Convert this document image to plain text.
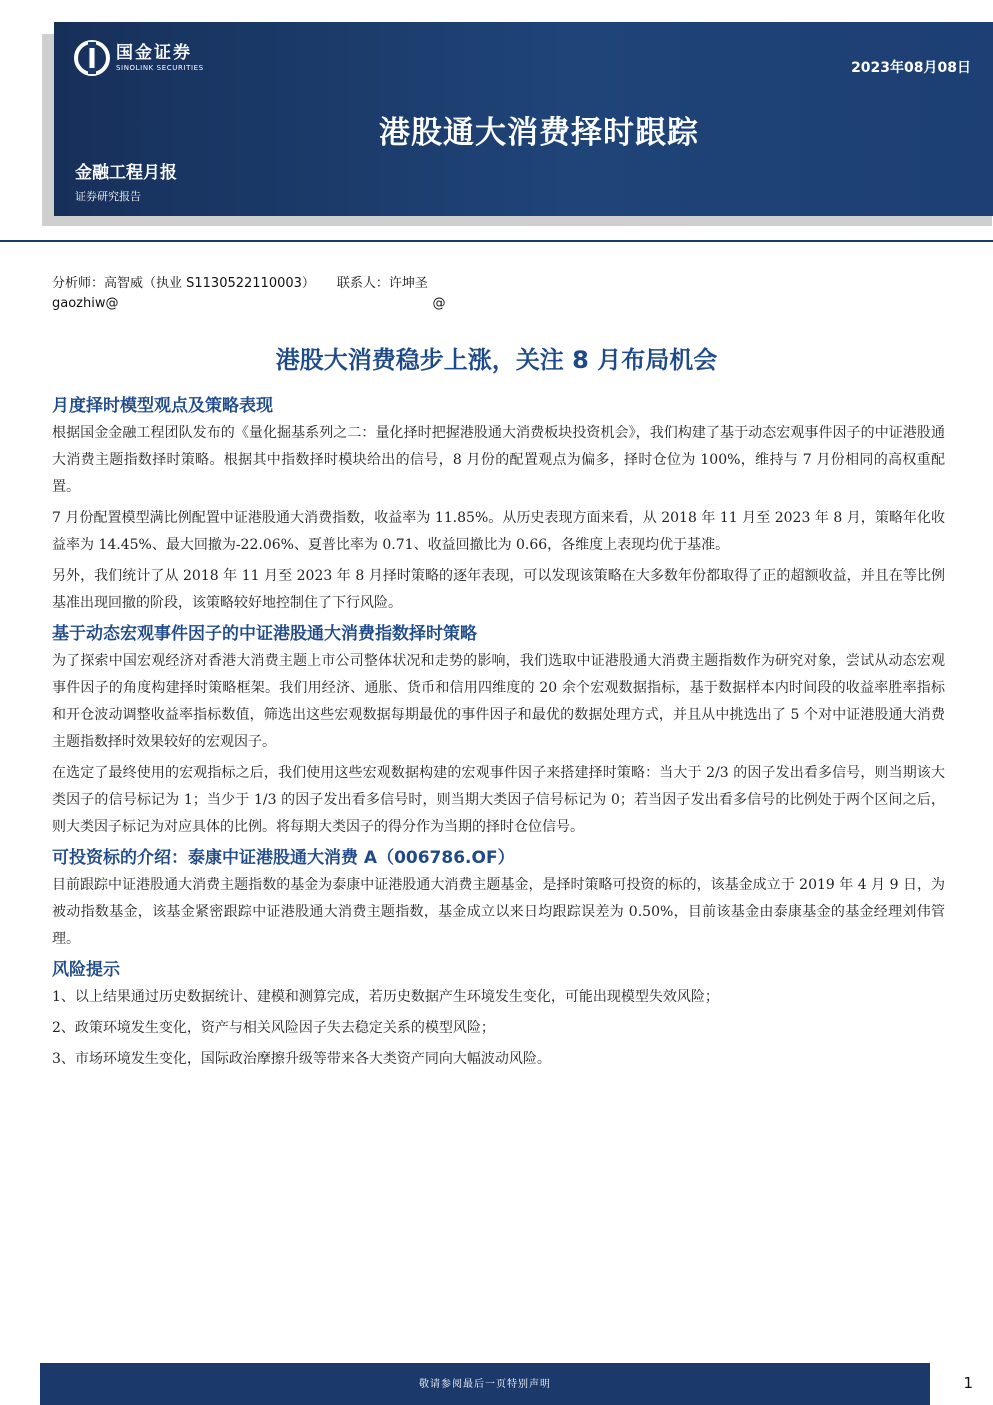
国金证券
SINOLINK SECURITIES	2023年08月08日
港股通大消费择时跟踪
金融工程月报
证券研究报告
分析师：高智威（执业 S1130522110003） 联系人：许坤圣
gaozhiw@	@
港股大消费稳步上涨，关注 8 月布局机会
月度择时模型观点及策略表现

根据国金金融工程团队发布的《量化掘基系列之二：量化择时把握港股通大消费板块投资机会》，我们构建了基于动态宏观事件因子的中证港股通大消费主题指数择时策略。根据其中指数择时模块给出的信号，8 月份的配置观点为偏多，择时仓位为 100%，维持与 7 月份相同的高权重配置。

7 月份配置模型满比例配置中证港股通大消费指数，收益率为 11.85%。从历史表现方面来看，从 2018 年 11 月至 2023 年 8 月，策略年化收益率为 14.45%、最大回撤为-22.06%、夏普比率为 0.71、收益回撤比为 0.66，各维度上表现均优于基准。

另外，我们统计了从 2018 年 11 月至 2023 年 8 月择时策略的逐年表现，可以发现该策略在大多数年份都取得了正的超额收益，并且在等比例基准出现回撤的阶段，该策略较好地控制住了下行风险。

基于动态宏观事件因子的中证港股通大消费指数择时策略

为了探索中国宏观经济对香港大消费主题上市公司整体状况和走势的影响，我们选取中证港股通大消费主题指数作为研究对象，尝试从动态宏观事件因子的角度构建择时策略框架。我们用经济、通胀、货币和信用四维度的 20 余个宏观数据指标，基于数据样本内时间段的收益率胜率指标和开仓波动调整收益率指标数值，筛选出这些宏观数据每期最优的事件因子和最优的数据处理方式，并且从中挑选出了 5 个对中证港股通大消费主题指数择时效果较好的宏观因子。

在选定了最终使用的宏观指标之后，我们使用这些宏观数据构建的宏观事件因子来搭建择时策略：当大于 2/3 的因子发出看多信号，则当期该大类因子的信号标记为 1；当少于 1/3 的因子发出看多信号时，则当期大类因子信号标记为 0；若当因子发出看多信号的比例处于两个区间之后，则大类因子标记为对应具体的比例。将每期大类因子的得分作为当期的择时仓位信号。

可投资标的介绍：泰康中证港股通大消费 A（006786.OF）

目前跟踪中证港股通大消费主题指数的基金为泰康中证港股通大消费主题基金，是择时策略可投资的标的，该基金成立于 2019 年 4 月 9 日，为被动指数基金，该基金紧密跟踪中证港股通大消费主题指数，基金成立以来日均跟踪误差为 0.50%，目前该基金由泰康基金的基金经理刘伟管理。

风险提示

1、以上结果通过历史数据统计、建模和测算完成，若历史数据产生环境发生变化，可能出现模型失效风险；

2、政策环境发生变化，资产与相关风险因子失去稳定关系的模型风险；

3、市场环境发生变化，国际政治摩擦升级等带来各大类资产同向大幅波动风险。

敬请参阅最后一页特别声明	1
